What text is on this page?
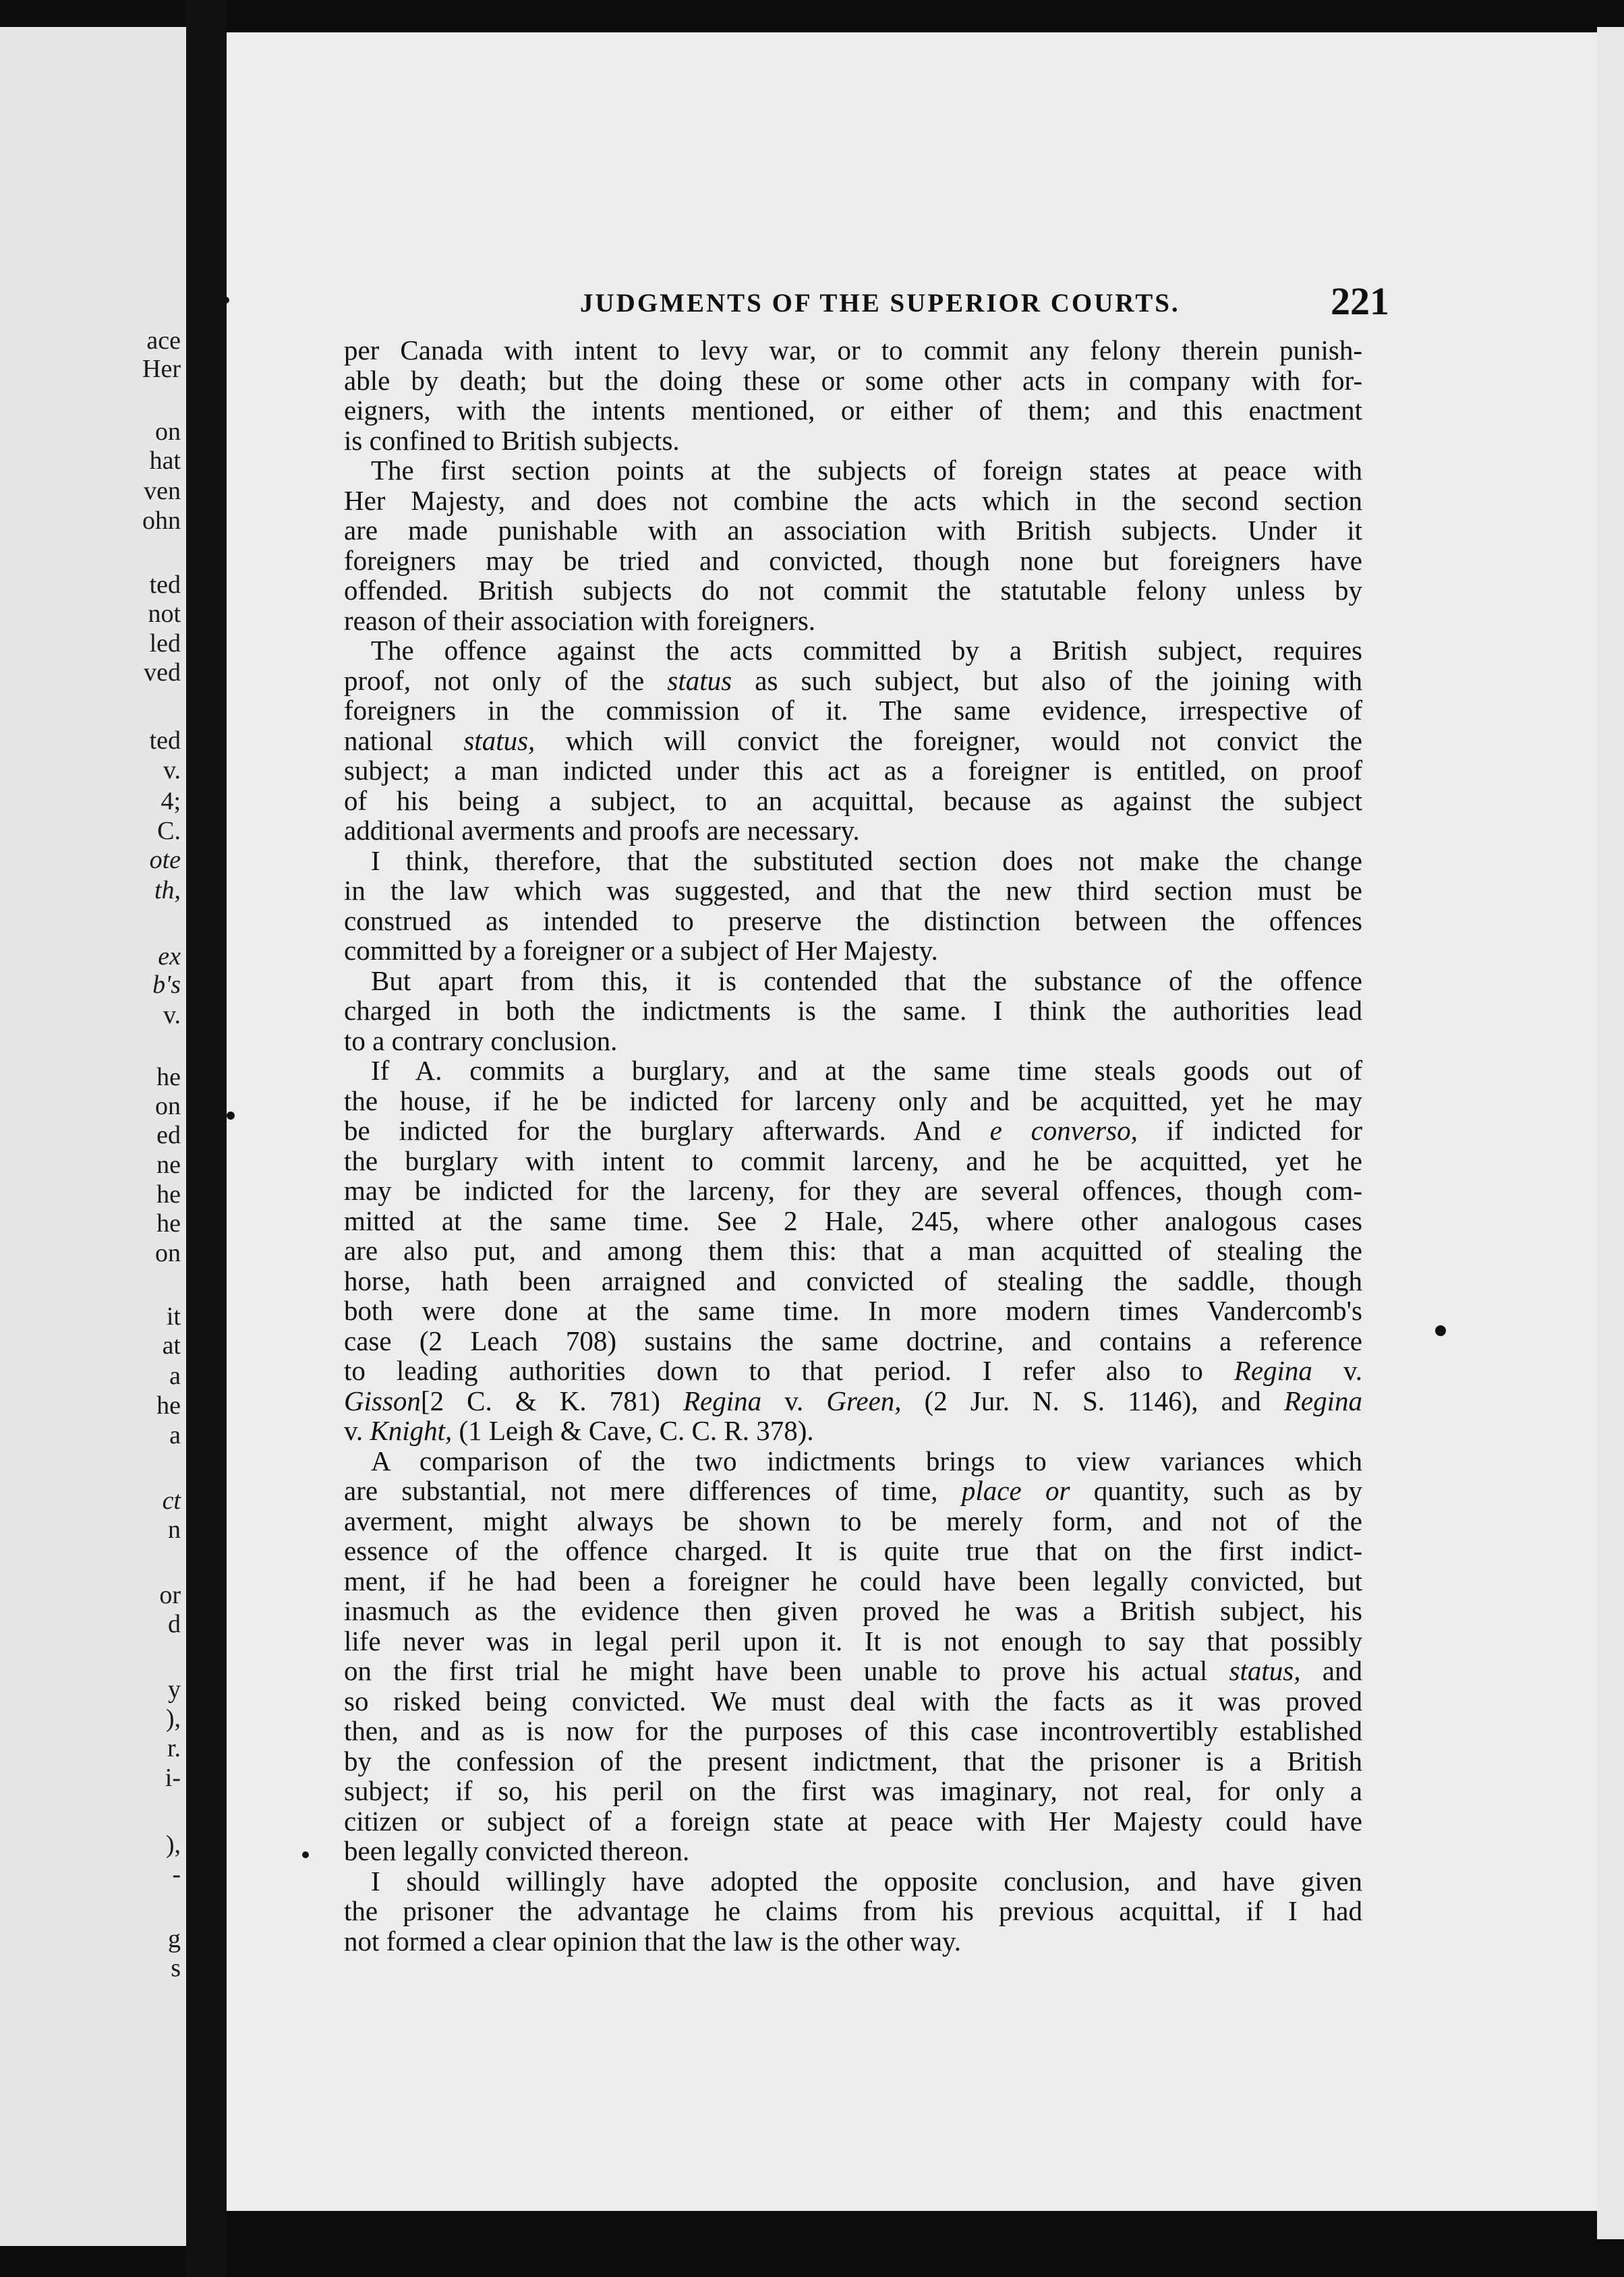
ace
Her
on
hat
ven
ohn
ted
not
led
ved
ted
v.
4;
C.
ote
th,
ex
b's
v.
he
on
ed
ne
he
he
on
it
at
a
he
a
ct
n
or
d
y
),
r.
i-
),
-
g
s
JUDGMENTS OF THE SUPERIOR COURTS.	221
per Canada with intent to levy war, or to commit any felony therein punish-
able by death; but the doing these or some other acts in company with for-
eigners, with the intents mentioned, or either of them; and this enactment
is confined to British subjects.
The first section points at the subjects of foreign states at peace with
Her Majesty, and does not combine the acts which in the second section
are made punishable with an association with British subjects. Under it
foreigners may be tried and convicted, though none but foreigners have
offended. British subjects do not commit the statutable felony unless by
reason of their association with foreigners.
The offence against the acts committed by a British subject, requires
proof, not only of the status as such subject, but also of the joining with
foreigners in the commission of it. The same evidence, irrespective of
national status, which will convict the foreigner, would not convict the
subject; a man indicted under this act as a foreigner is entitled, on proof
of his being a subject, to an acquittal, because as against the subject
additional averments and proofs are necessary.
I think, therefore, that the substituted section does not make the change
in the law which was suggested, and that the new third section must be
construed as intended to preserve the distinction between the offences
committed by a foreigner or a subject of Her Majesty.
But apart from this, it is contended that the substance of the offence
charged in both the indictments is the same. I think the authorities lead
to a contrary conclusion.
If A. commits a burglary, and at the same time steals goods out of
the house, if he be indicted for larceny only and be acquitted, yet he may
be indicted for the burglary afterwards. And e converso, if indicted for
the burglary with intent to commit larceny, and he be acquitted, yet he
may be indicted for the larceny, for they are several offences, though com-
mitted at the same time. See 2 Hale, 245, where other analogous cases
are also put, and among them this: that a man acquitted of stealing the
horse, hath been arraigned and convicted of stealing the saddle, though
both were done at the same time. In more modern times Vandercomb's
case (2 Leach 708) sustains the same doctrine, and contains a reference
to leading authorities down to that period. I refer also to Regina v.
Gisson[2 C. & K. 781) Regina v. Green, (2 Jur. N. S. 1146), and Regina
v. Knight, (1 Leigh & Cave, C. C. R. 378).
A comparison of the two indictments brings to view variances which
are substantial, not mere differences of time, place or quantity, such as by
averment, might always be shown to be merely form, and not of the
essence of the offence charged. It is quite true that on the first indict-
ment, if he had been a foreigner he could have been legally convicted, but
inasmuch as the evidence then given proved he was a British subject, his
life never was in legal peril upon it. It is not enough to say that possibly
on the first trial he might have been unable to prove his actual status, and
so risked being convicted. We must deal with the facts as it was proved
then, and as is now for the purposes of this case incontrovertibly established
by the confession of the present indictment, that the prisoner is a British
subject; if so, his peril on the first was imaginary, not real, for only a
citizen or subject of a foreign state at peace with Her Majesty could have
been legally convicted thereon.
I should willingly have adopted the opposite conclusion, and have given
the prisoner the advantage he claims from his previous acquittal, if I had
not formed a clear opinion that the law is the other way.
